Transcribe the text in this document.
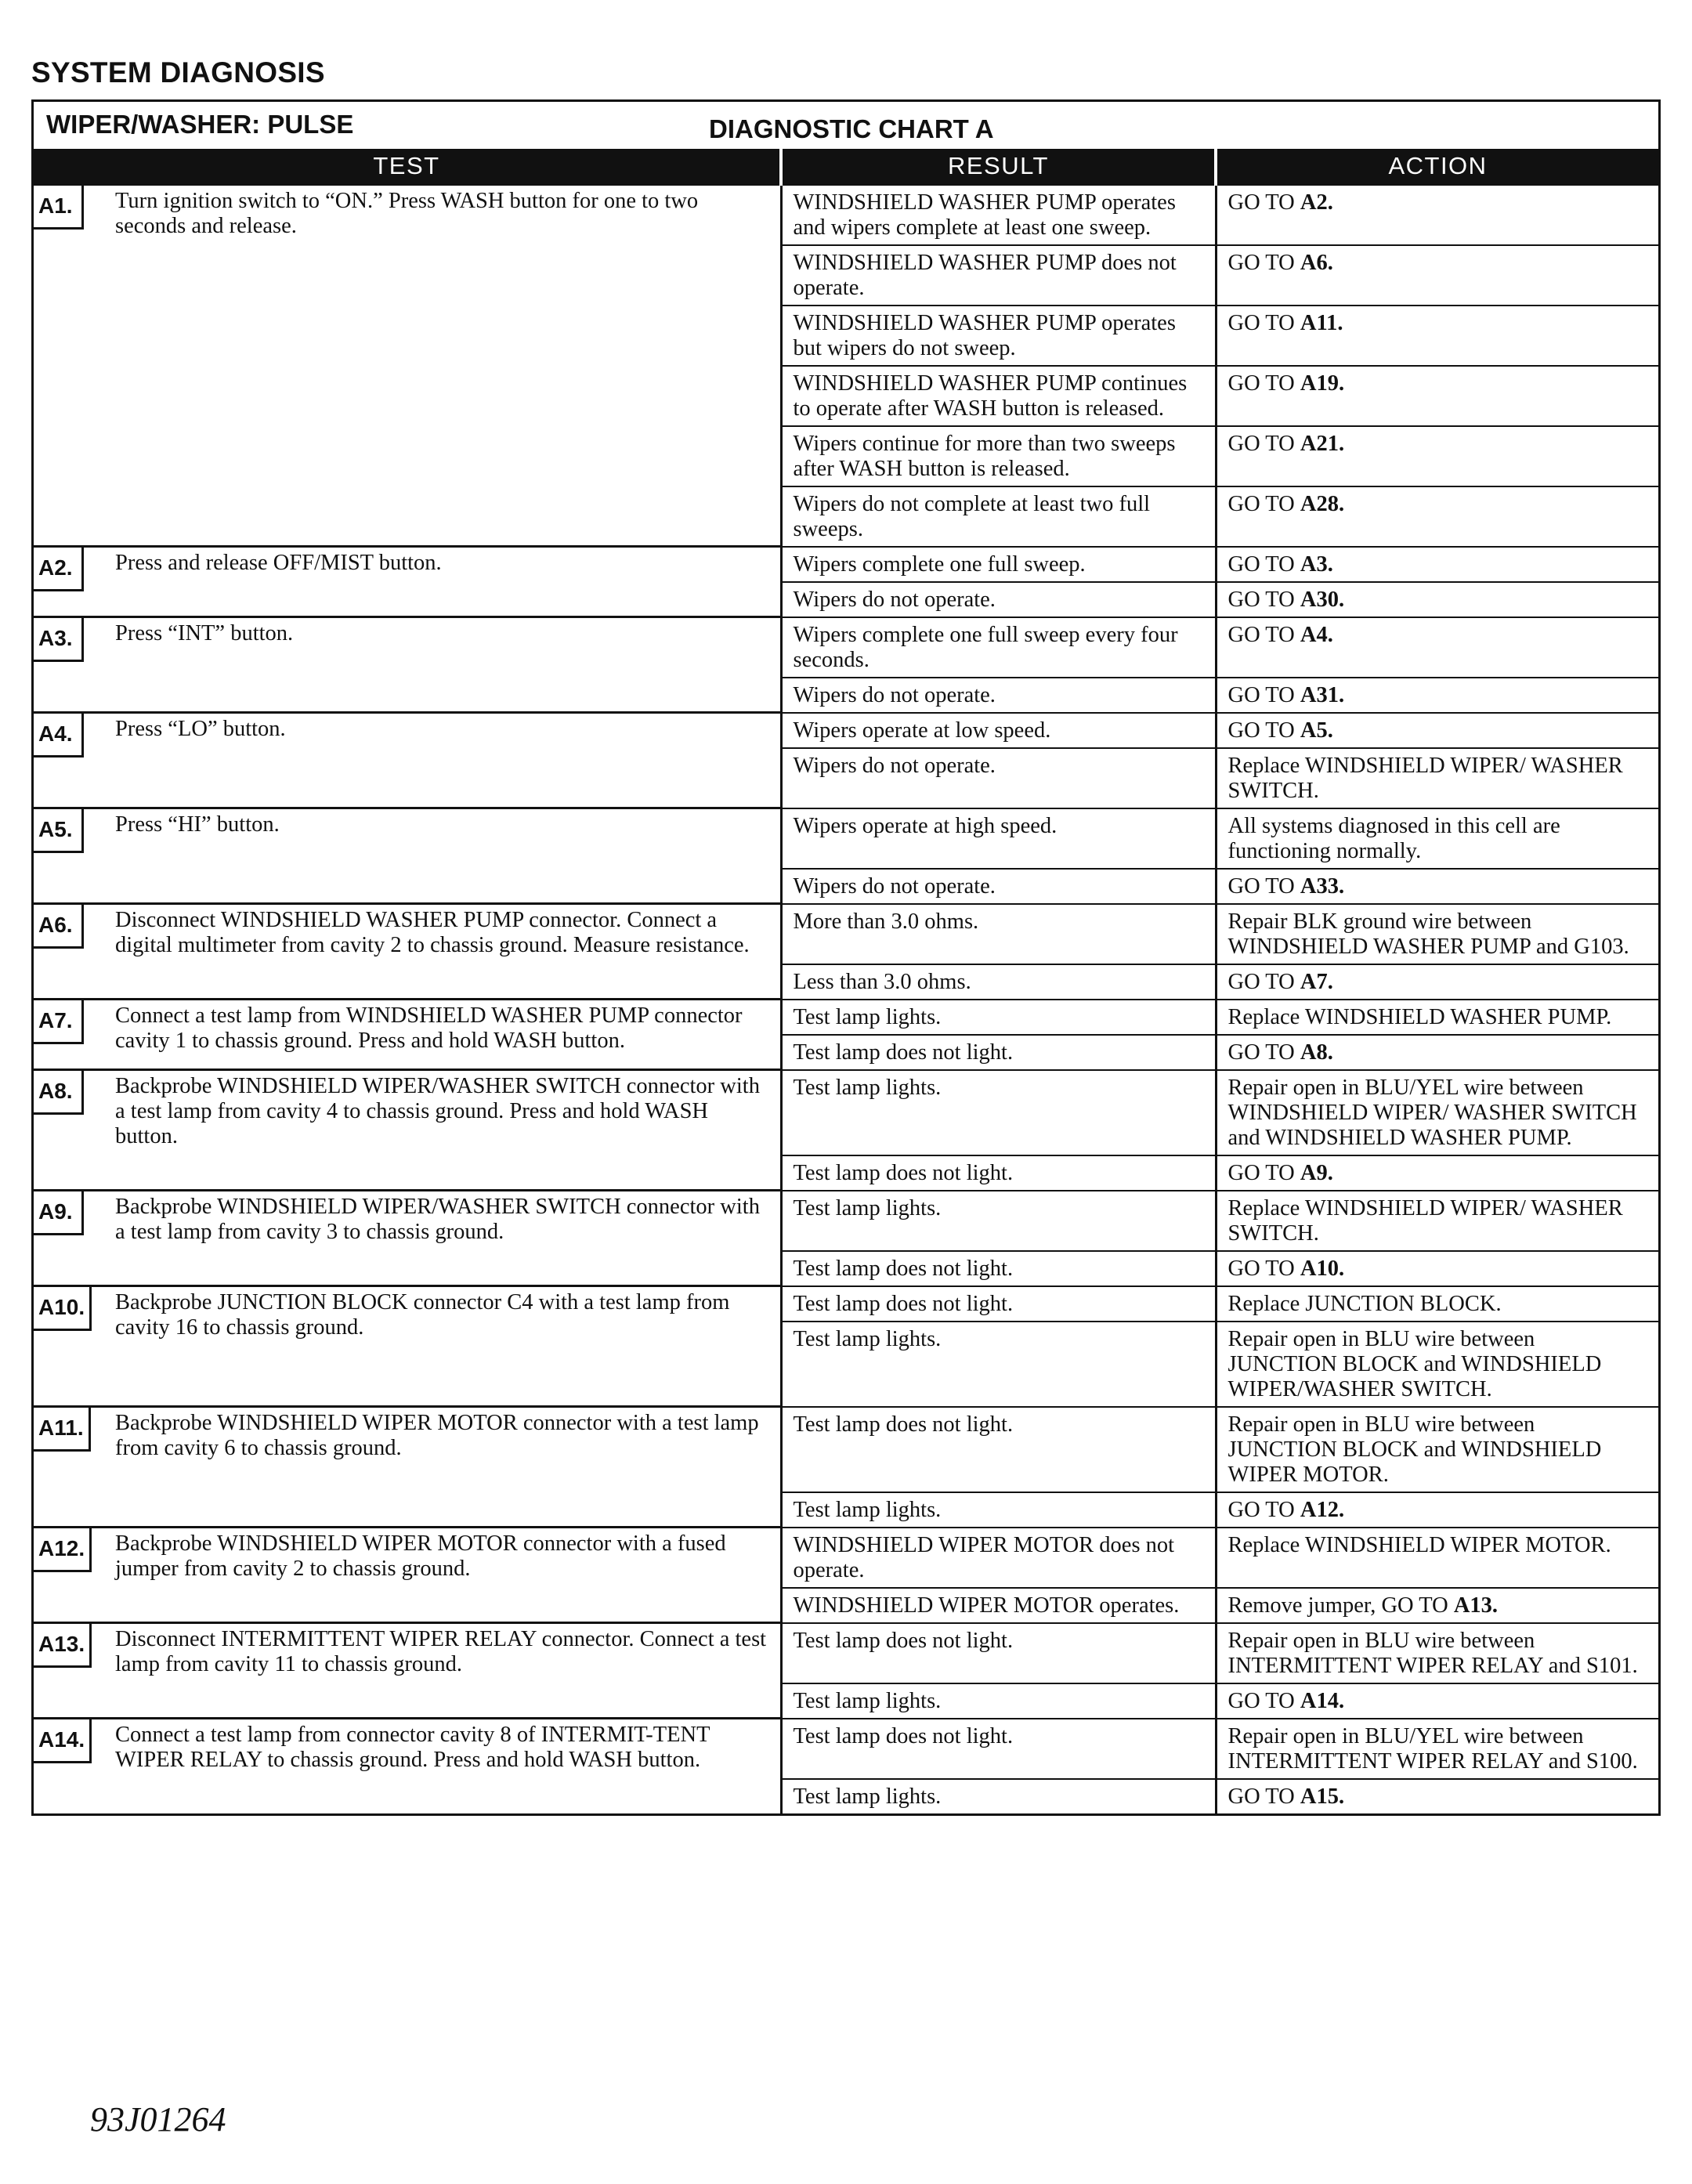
SYSTEM DIAGNOSIS
WIPER/WASHER: PULSE	DIAGNOSTIC CHART A
TEST	RESULT	ACTION

A1. Turn ignition switch to “ON.” Press WASH button for one to two seconds and release.	WINDSHIELD WASHER PUMP operates and wipers complete at least one sweep.	GO TO A2.
	WINDSHIELD WASHER PUMP does not operate.	GO TO A6.
	WINDSHIELD WASHER PUMP operates but wipers do not sweep.	GO TO A11.
	WINDSHIELD WASHER PUMP continues to operate after WASH button is released.	GO TO A19.
	Wipers continue for more than two sweeps after WASH button is released.	GO TO A21.
	Wipers do not complete at least two full sweeps.	GO TO A28.

A2. Press and release OFF/MIST button.	Wipers complete one full sweep.	GO TO A3.
	Wipers do not operate.	GO TO A30.

A3. Press “INT” button.	Wipers complete one full sweep every four seconds.	GO TO A4.
	Wipers do not operate.	GO TO A31.

A4. Press “LO” button.	Wipers operate at low speed.	GO TO A5.
	Wipers do not operate.	Replace WINDSHIELD WIPER/ WASHER SWITCH.

A5. Press “HI” button.	Wipers operate at high speed.	All systems diagnosed in this cell are functioning normally.
	Wipers do not operate.	GO TO A33.

A6. Disconnect WINDSHIELD WASHER PUMP connector. Connect a digital multimeter from cavity 2 to chassis ground. Measure resistance.	More than 3.0 ohms.	Repair BLK ground wire between WINDSHIELD WASHER PUMP and G103.
	Less than 3.0 ohms.	GO TO A7.

A7. Connect a test lamp from WINDSHIELD WASHER PUMP connector cavity 1 to chassis ground. Press and hold WASH button.	Test lamp lights.	Replace WINDSHIELD WASHER PUMP.
	Test lamp does not light.	GO TO A8.

A8. Backprobe WINDSHIELD WIPER/WASHER SWITCH connector with a test lamp from cavity 4 to chassis ground. Press and hold WASH button.	Test lamp lights.	Repair open in BLU/YEL wire between WINDSHIELD WIPER/ WASHER SWITCH and WINDSHIELD WASHER PUMP.
	Test lamp does not light.	GO TO A9.

A9. Backprobe WINDSHIELD WIPER/WASHER SWITCH connector with a test lamp from cavity 3 to chassis ground.	Test lamp lights.	Replace WINDSHIELD WIPER/ WASHER SWITCH.
	Test lamp does not light.	GO TO A10.

A10. Backprobe JUNCTION BLOCK connector C4 with a test lamp from cavity 16 to chassis ground.	Test lamp does not light.	Replace JUNCTION BLOCK.
	Test lamp lights.	Repair open in BLU wire between JUNCTION BLOCK and WINDSHIELD WIPER/WASHER SWITCH.

A11. Backprobe WINDSHIELD WIPER MOTOR connector with a test lamp from cavity 6 to chassis ground.	Test lamp does not light.	Repair open in BLU wire between JUNCTION BLOCK and WINDSHIELD WIPER MOTOR.
	Test lamp lights.	GO TO A12.

A12. Backprobe WINDSHIELD WIPER MOTOR connector with a fused jumper from cavity 2 to chassis ground.	WINDSHIELD WIPER MOTOR does not operate.	Replace WINDSHIELD WIPER MOTOR.
	WINDSHIELD WIPER MOTOR operates.	Remove jumper, GO TO A13.

A13. Disconnect INTERMITTENT WIPER RELAY connector. Connect a test lamp from cavity 11 to chassis ground.	Test lamp does not light.	Repair open in BLU wire between INTERMITTENT WIPER RELAY and S101.
	Test lamp lights.	GO TO A14.

A14. Connect a test lamp from connector cavity 8 of INTERMIT-TENT WIPER RELAY to chassis ground. Press and hold WASH button.	Test lamp does not light.	Repair open in BLU/YEL wire between INTERMITTENT WIPER RELAY and S100.
	Test lamp lights.	GO TO A15.
93J01264
